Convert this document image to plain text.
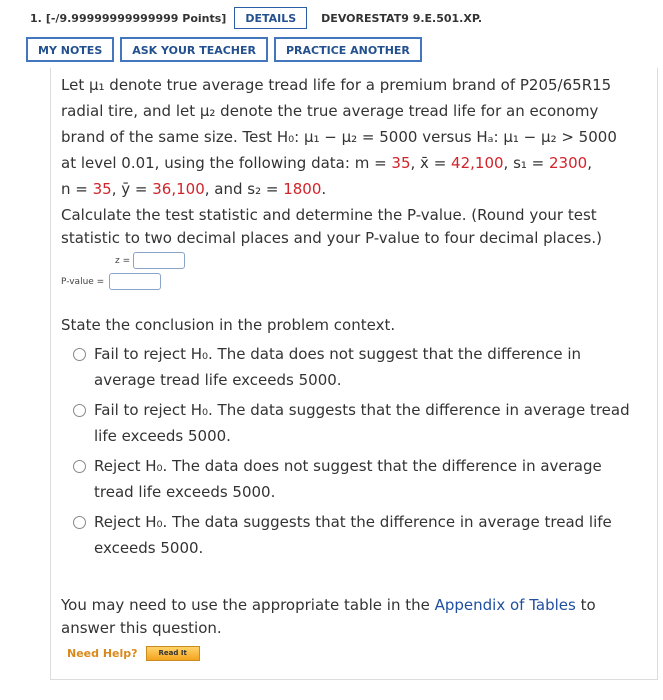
1. [-/9.99999999999999 Points]	DETAILS	DEVORESTAT9 9.E.501.XP.
MY NOTES	ASK YOUR TEACHER	PRACTICE ANOTHER

Let μ₁ denote true average tread life for a premium brand of P205/65R15

radial tire, and let μ₂ denote the true average tread life for an economy

brand of the same size. Test H₀: μ₁ − μ₂ = 5000 versus Hₐ: μ₁ − μ₂ > 5000

at level 0.01, using the following data: m = 35, x̄ = 42,100, s₁ = 2300,

n = 35, ȳ = 36,100, and s₂ = 1800.

Calculate the test statistic and determine the P-value. (Round your test statistic to two decimal places and your P-value to four decimal places.)

z =
P-value =
State the conclusion in the problem context.
Fail to reject H₀. The data does not suggest that the difference in average tread life exceeds 5000.
Fail to reject H₀. The data suggests that the difference in average tread life exceeds 5000.
Reject H₀. The data does not suggest that the difference in average tread life exceeds 5000.
Reject H₀. The data suggests that the difference in average tread life exceeds 5000.
You may need to use the appropriate table in the Appendix of Tables to answer this question.
Need Help?	Read It
